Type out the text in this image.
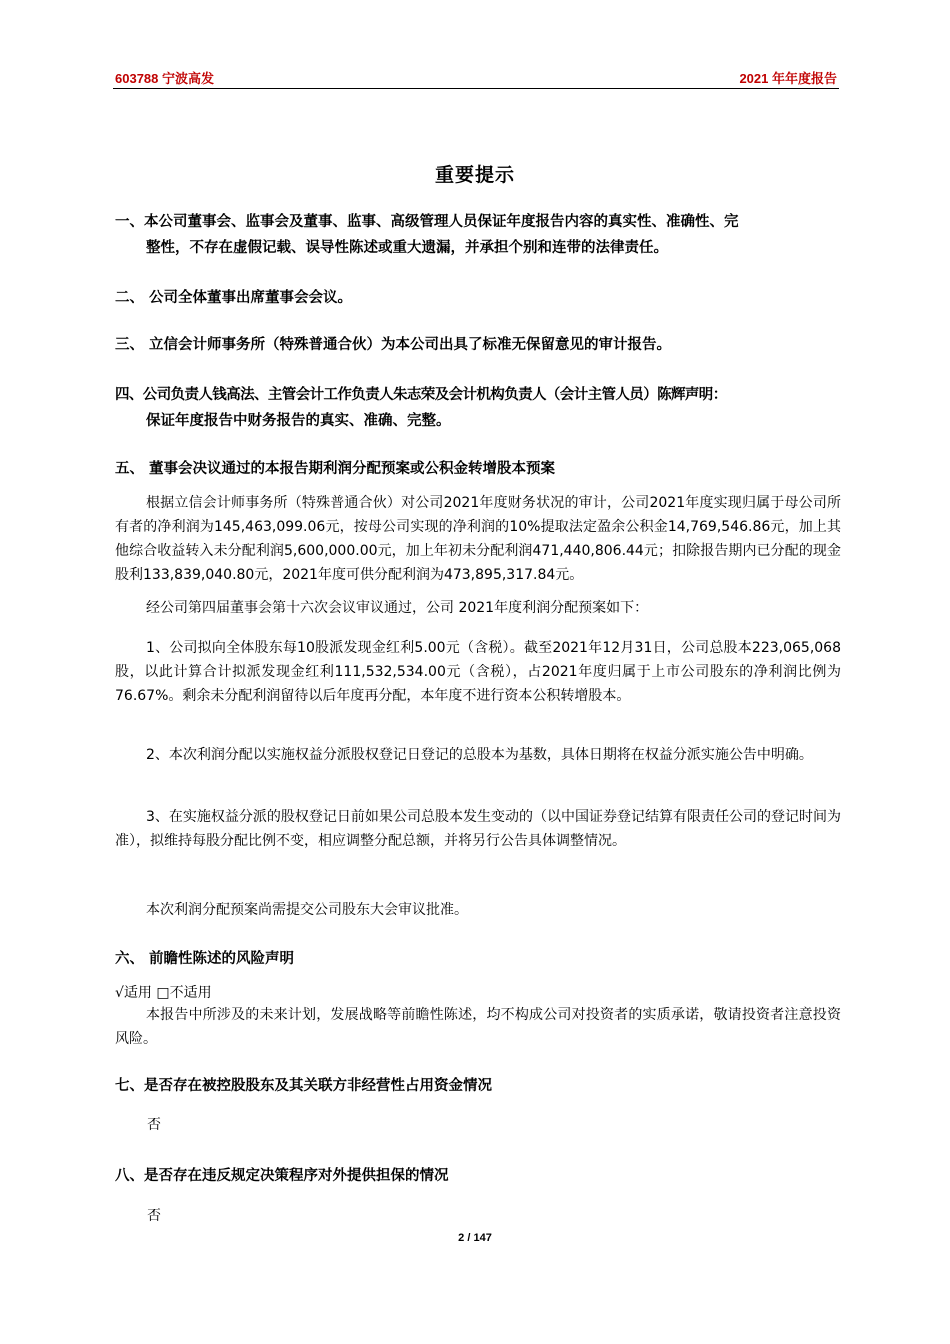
603788 宁波高发	2021 年年度报告
重要提示
一、本公司董事会、监事会及董事、监事、高级管理人员保证年度报告内容的真实性、准确性、完
整性，不存在虚假记载、误导性陈述或重大遗漏，并承担个别和连带的法律责任。
二、 公司全体董事出席董事会会议。
三、 立信会计师事务所（特殊普通合伙）为本公司出具了标准无保留意见的审计报告。
四、公司负责人钱高法、主管会计工作负责人朱志荣及会计机构负责人（会计主管人员）陈辉声明：
保证年度报告中财务报告的真实、准确、完整。
五、 董事会决议通过的本报告期利润分配预案或公积金转增股本预案
根据立信会计师事务所（特殊普通合伙）对公司2021年度财务状况的审计，公司2021年度实现归属于母公司所有者的净利润为145,463,099.06元，按母公司实现的净利润的10%提取法定盈余公积金14,769,546.86元，加上其他综合收益转入未分配利润5,600,000.00元，加上年初未分配利润471,440,806.44元；扣除报告期内已分配的现金股利133,839,040.80元，2021年度可供分配利润为473,895,317.84元。
经公司第四届董事会第十六次会议审议通过，公司 2021年度利润分配预案如下：
1、公司拟向全体股东每10股派发现金红利5.00元（含税）。截至2021年12月31日，公司总股本223,065,068股，以此计算合计拟派发现金红利111,532,534.00元（含税），占2021年度归属于上市公司股东的净利润比例为76.67%。剩余未分配利润留待以后年度再分配，本年度不进行资本公积转增股本。
2、本次利润分配以实施权益分派股权登记日登记的总股本为基数，具体日期将在权益分派实施公告中明确。
3、在实施权益分派的股权登记日前如果公司总股本发生变动的（以中国证券登记结算有限责任公司的登记时间为准），拟维持每股分配比例不变，相应调整分配总额，并将另行公告具体调整情况。
本次利润分配预案尚需提交公司股东大会审议批准。
六、 前瞻性陈述的风险声明
√适用 □不适用
本报告中所涉及的未来计划，发展战略等前瞻性陈述，均不构成公司对投资者的实质承诺，敬请投资者注意投资风险。
七、是否存在被控股股东及其关联方非经营性占用资金情况
否
八、是否存在违反规定决策程序对外提供担保的情况
否
2 / 147
